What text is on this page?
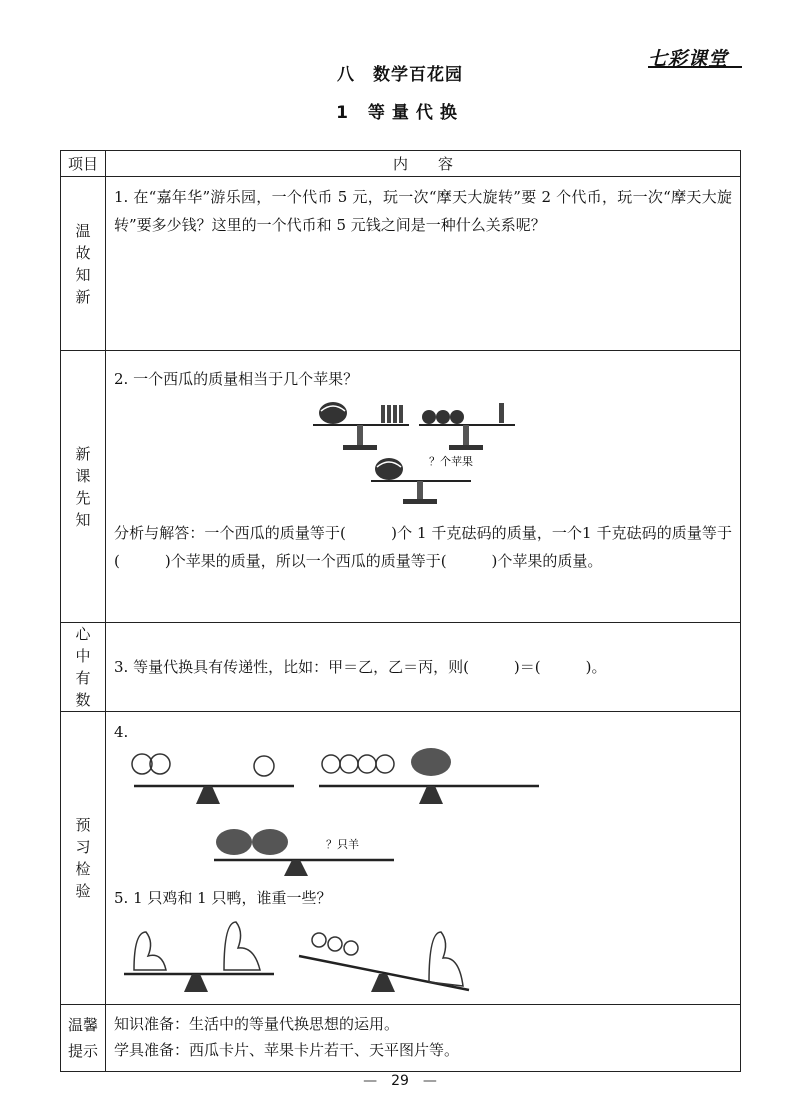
七彩课堂
八　数学百花园
1 等量代换
项目	内容

温故知新	1. 在“嘉年华”游乐园，一个代币 5 元，玩一次“摩天大旋转”要 2 个代币，玩一次“摩天大旋转”要多少钱？这里的一个代币和 5 元钱之间是一种什么关系呢？

新课先知	2. 一个西瓜的质量相当于几个苹果？

？个苹果

分析与解答：一个西瓜的质量等于(　　　)个 1 千克砝码的质量，一个1 千克砝码的质量等于(　　　)个苹果的质量，所以一个西瓜的质量等于(　　　)个苹果的质量。

心中有数	3. 等量代换具有传递性，比如：甲＝乙，乙＝丙，则(　　　)＝(　　　)。

预习检验	4.

？只羊

5. 1 只鸡和 1 只鸭，谁重一些？

温馨提示	知识准备：生活中的等量代换思想的运用。
学具准备：西瓜卡片、苹果卡片若干、天平图片等。
—　29　—
